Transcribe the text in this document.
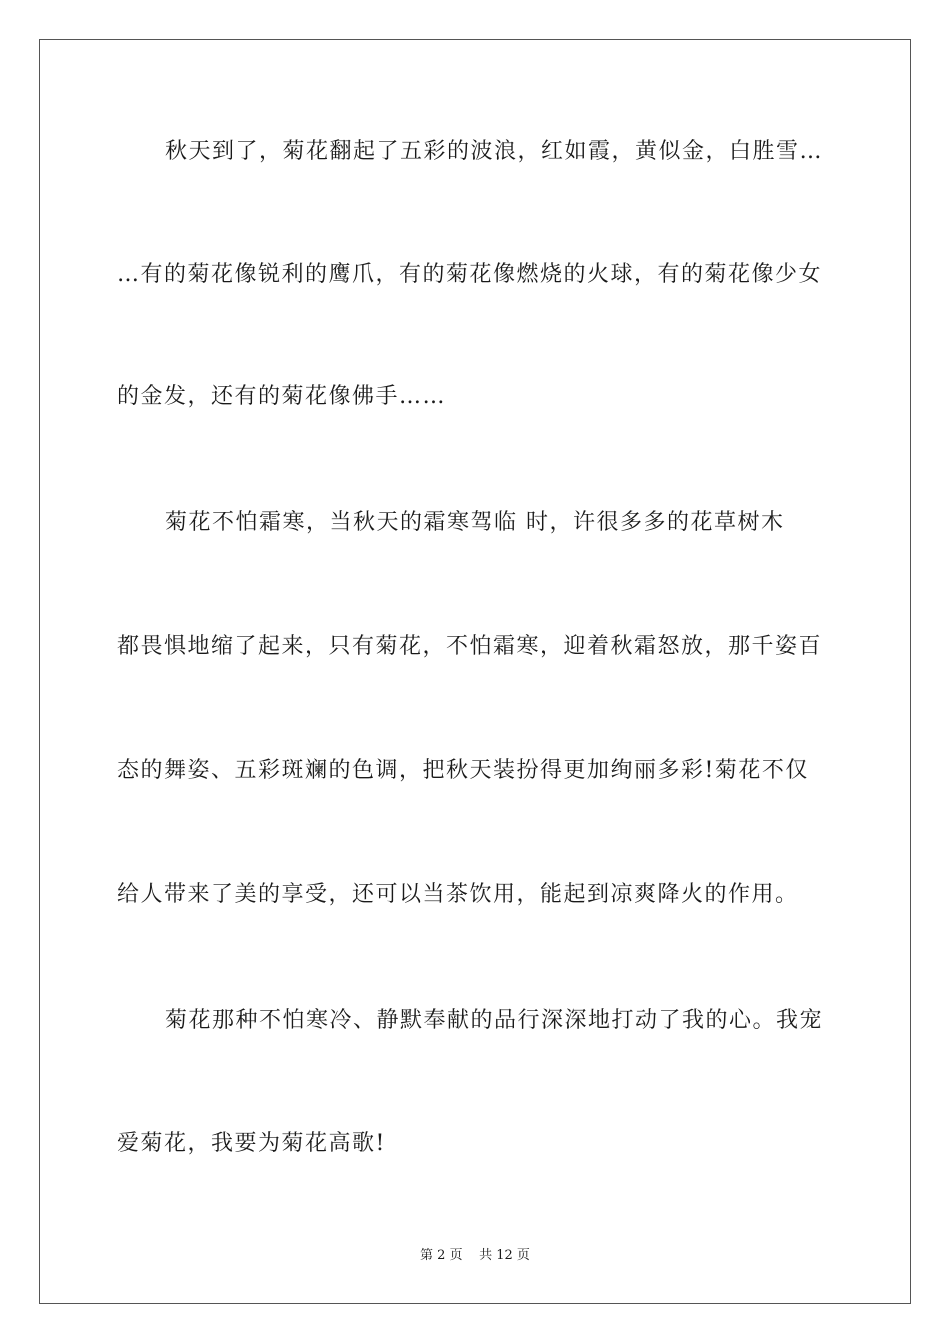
秋天到了，菊花翻起了五彩的波浪，红如霞，黄似金，白胜雪…
…有的菊花像锐利的鹰爪，有的菊花像燃烧的火球，有的菊花像少女
的金发，还有的菊花像佛手……
菊花不怕霜寒，当秋天的霜寒驾临 时，许很多多的花草树木
都畏惧地缩了起来，只有菊花，不怕霜寒，迎着秋霜怒放，那千姿百
态的舞姿、五彩斑斓的色调，把秋天装扮得更加绚丽多彩!菊花不仅
给人带来了美的享受，还可以当茶饮用，能起到凉爽降火的作用。
菊花那种不怕寒冷、静默奉献的品行深深地打动了我的心。我宠
爱菊花，我要为菊花高歌!
第 2 页 共 12 页
